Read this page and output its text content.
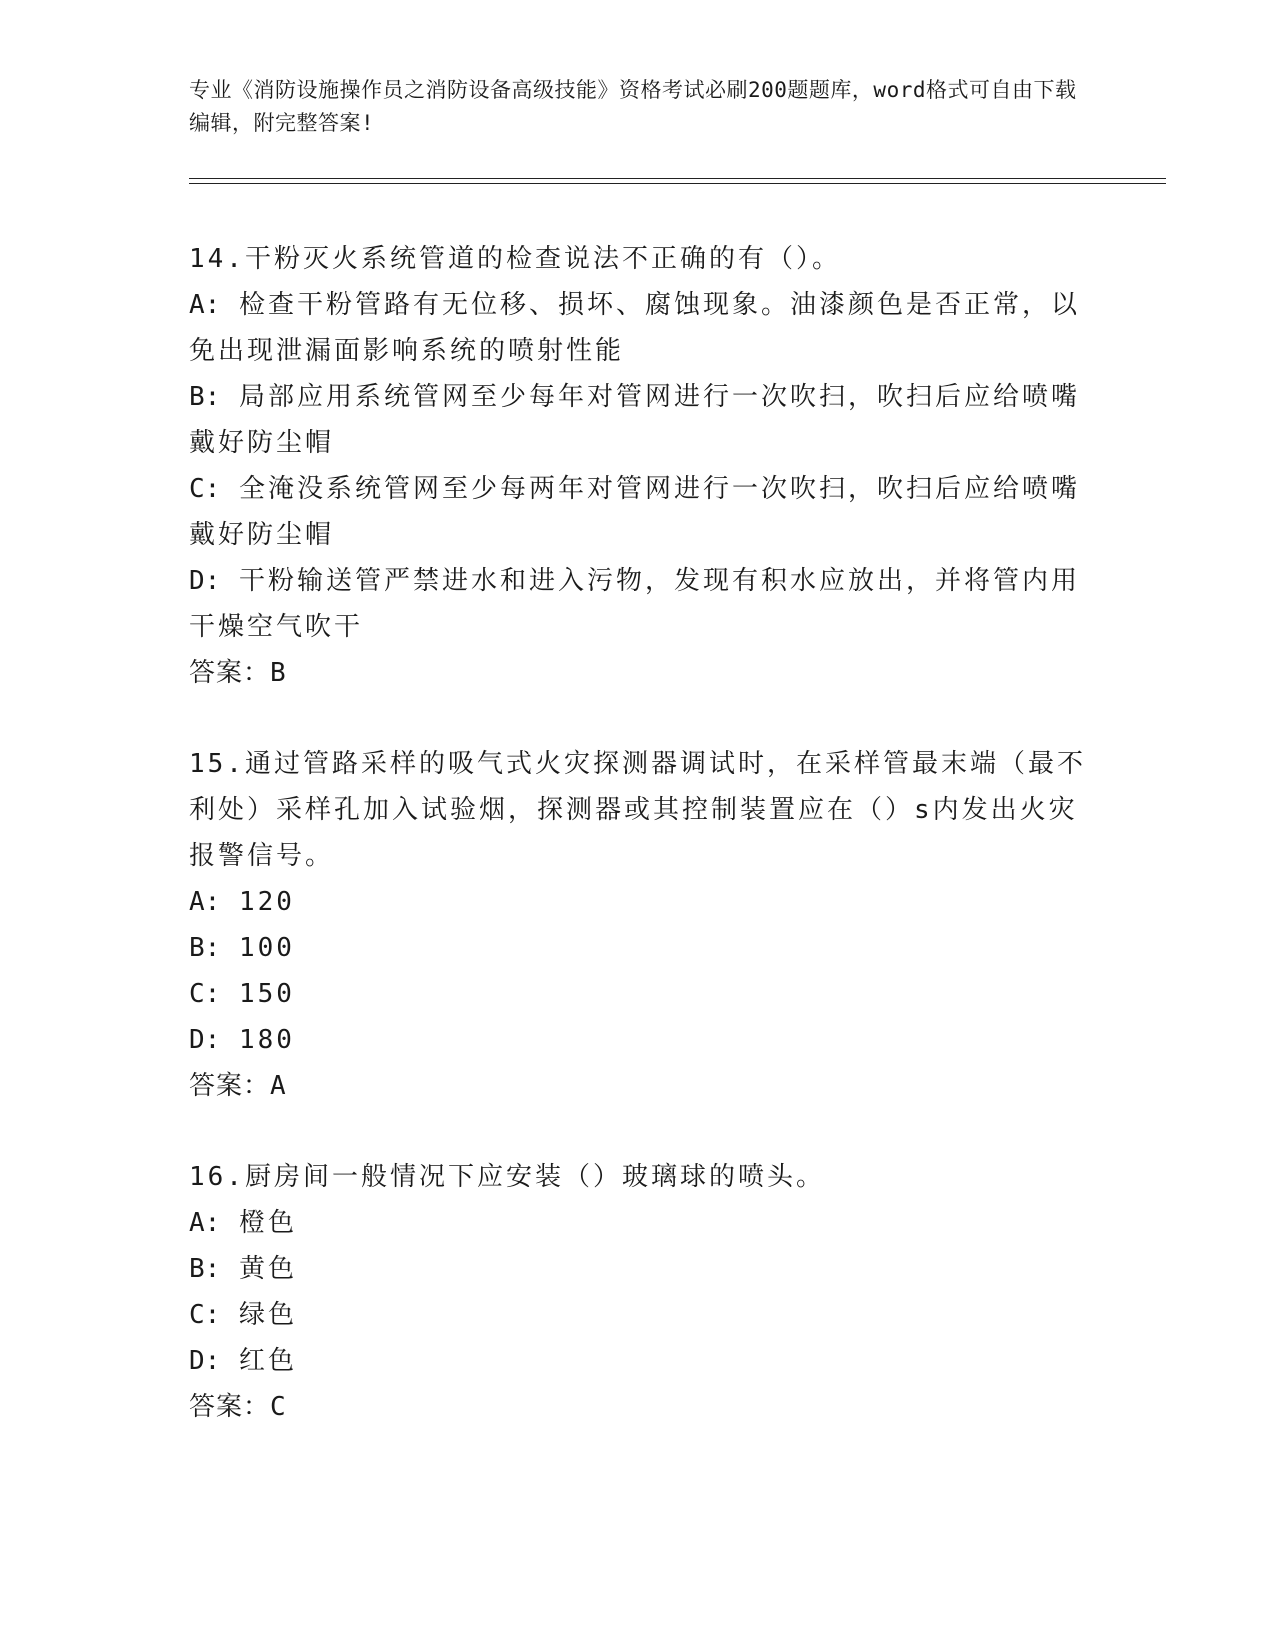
专业《消防设施操作员之消防设备高级技能》资格考试必刷200题题库，word格式可自由下载编辑，附完整答案!
14.干粉灭火系统管道的检查说法不正确的有（）。
A: 检查干粉管路有无位移、损坏、腐蚀现象。油漆颜色是否正常，以免出现泄漏面影响系统的喷射性能
B: 局部应用系统管网至少每年对管网进行一次吹扫，吹扫后应给喷嘴戴好防尘帽
C: 全淹没系统管网至少每两年对管网进行一次吹扫，吹扫后应给喷嘴戴好防尘帽
D: 干粉输送管严禁进水和进入污物，发现有积水应放出，并将管内用干燥空气吹干
答案：B
15.通过管路采样的吸气式火灾探测器调试时，在采样管最末端（最不利处）采样孔加入试验烟，探测器或其控制装置应在（）s内发出火灾报警信号。
A: 120
B: 100
C: 150
D: 180
答案：A
16.厨房间一般情况下应安装（）玻璃球的喷头。
A: 橙色
B: 黄色
C: 绿色
D: 红色
答案：C
